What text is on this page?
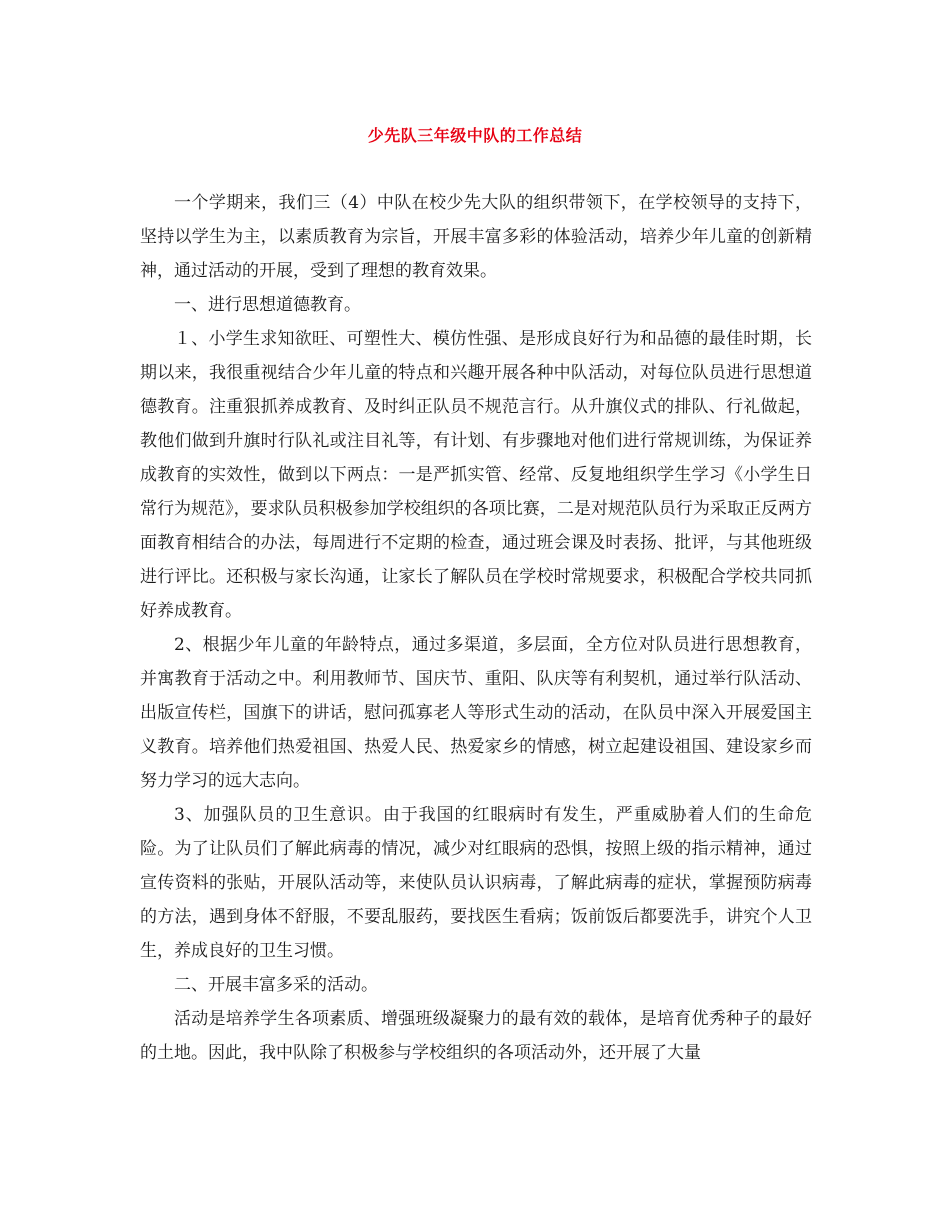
少先队三年级中队的工作总结

一个学期来，我们三（4）中队在校少先大队的组织带领下，在学校领导的支持下，坚持以学生为主，以素质教育为宗旨，开展丰富多彩的体验活动，培养少年儿童的创新精神，通过活动的开展，受到了理想的教育效果。

一、进行思想道德教育。

１、小学生求知欲旺、可塑性大、模仿性强、是形成良好行为和品德的最佳时期，长期以来，我很重视结合少年儿童的特点和兴趣开展各种中队活动，对每位队员进行思想道德教育。注重狠抓养成教育、及时纠正队员不规范言行。从升旗仪式的排队、行礼做起，教他们做到升旗时行队礼或注目礼等，有计划、有步骤地对他们进行常规训练，为保证养成教育的实效性，做到以下两点：一是严抓实管、经常、反复地组织学生学习《小学生日常行为规范》，要求队员积极参加学校组织的各项比赛，二是对规范队员行为采取正反两方面教育相结合的办法，每周进行不定期的检查，通过班会课及时表扬、批评，与其他班级进行评比。还积极与家长沟通，让家长了解队员在学校时常规要求，积极配合学校共同抓好养成教育。

2、根据少年儿童的年龄特点，通过多渠道，多层面，全方位对队员进行思想教育，并寓教育于活动之中。利用教师节、国庆节、重阳、队庆等有利契机，通过举行队活动、出版宣传栏，国旗下的讲话，慰问孤寡老人等形式生动的活动，在队员中深入开展爱国主义教育。培养他们热爱祖国、热爱人民、热爱家乡的情感，树立起建设祖国、建设家乡而努力学习的远大志向。

3、加强队员的卫生意识。由于我国的红眼病时有发生，严重威胁着人们的生命危险。为了让队员们了解此病毒的情况，减少对红眼病的恐惧，按照上级的指示精神，通过宣传资料的张贴，开展队活动等，来使队员认识病毒，了解此病毒的症状，掌握预防病毒的方法，遇到身体不舒服，不要乱服药，要找医生看病；饭前饭后都要洗手，讲究个人卫生，养成良好的卫生习惯。

二、开展丰富多采的活动。

活动是培养学生各项素质、增强班级凝聚力的最有效的载体，是培育优秀种子的最好的土地。因此，我中队除了积极参与学校组织的各项活动外，还开展了大量
